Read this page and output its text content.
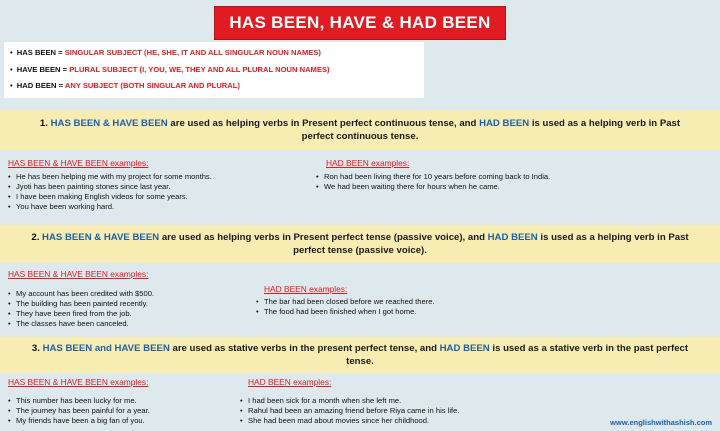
HAS BEEN, HAVE & HAD BEEN
• HAS BEEN = SINGULAR SUBJECT (HE, SHE, IT AND ALL SINGULAR NOUN NAMES)
• HAVE BEEN = PLURAL SUBJECT (I, YOU, WE, THEY AND ALL PLURAL NOUN NAMES)
• HAD BEEN = ANY SUBJECT (BOTH SINGULAR AND PLURAL)
1. HAS BEEN & HAVE BEEN are used as helping verbs in Present perfect continuous tense, and HAD BEEN is used as a helping verb in Past perfect continuous tense.
HAS BEEN & HAVE BEEN examples:
• He has been helping me with my project for some months.
• Jyoti has been painting stones since last year.
• I have been making English videos for some years.
• You have been working hard.
HAD BEEN examples:
• Ron had been living there for 10 years before coming back to India.
• We had been waiting there for hours when he came.
2. HAS BEEN & HAVE BEEN are used as helping verbs in Present perfect tense (passive voice), and HAD BEEN is used as a helping verb in Past perfect tense (passive voice).
HAS BEEN & HAVE BEEN examples:
• My account has been credited with $500.
• The building has been painted recently.
• They have been fired from the job.
• The classes have been canceled.
HAD BEEN examples:
• The bar had been closed before we reached there.
• The food had been finished when I got home.
3. HAS BEEN and HAVE BEEN are used as stative verbs in the present perfect tense, and HAD BEEN is used as a stative verb in the past perfect tense.
HAS BEEN & HAVE BEEN examples:
• This number has been lucky for me.
• The journey has been painful for a year.
• My friends have been a big fan of you.
HAD BEEN examples:
• I had been sick for a month when she left me.
• Rahul had been an amazing friend before Riya came in his life.
• She had been mad about movies since her childhood.	www.englishwithashish.com
